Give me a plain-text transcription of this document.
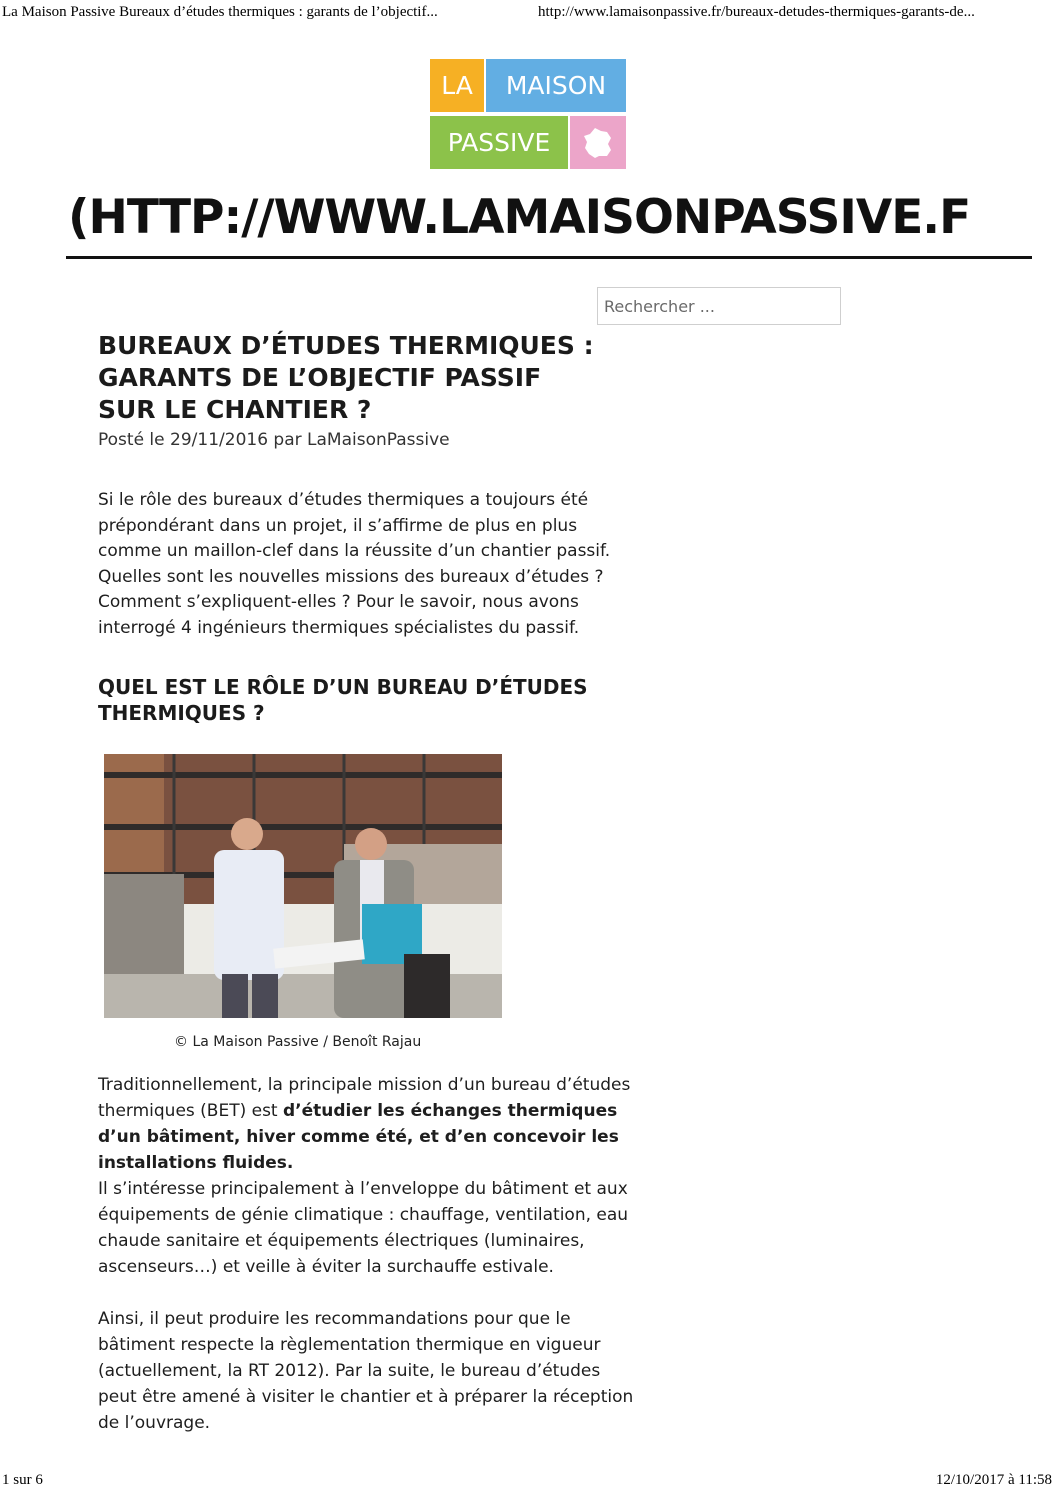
La Maison Passive Bureaux d’études thermiques : garants de l’objectif...	http://www.lamaisonpassive.fr/bureaux-detudes-thermiques-garants-de...
LA	MAISON
PASSIVE
(HTTP://WWW.LAMAISONPASSIVE.F
Rechercher ...
BUREAUX D’ÉTUDES THERMIQUES :
GARANTS DE L’OBJECTIF PASSIF
SUR LE CHANTIER ?
Posté le 29/11/2016 par LaMaisonPassive

Si le rôle des bureaux d’études thermiques a toujours été prépondérant dans un projet, il s’affirme de plus en plus comme un maillon-clef dans la réussite d’un chantier passif. Quelles sont les nouvelles missions des bureaux d’études ? Comment s’expliquent-elles ? Pour le savoir, nous avons interrogé 4 ingénieurs thermiques spécialistes du passif.

QUEL EST LE RÔLE D’UN BUREAU D’ÉTUDES THERMIQUES ?
© La Maison Passive / Benoît Rajau

Traditionnellement, la principale mission d’un bureau d’études thermiques (BET) est d’étudier les échanges thermiques d’un bâtiment, hiver comme été, et d’en concevoir les installations fluides.
Il s’intéresse principalement à l’enveloppe du bâtiment et aux équipements de génie climatique : chauffage, ventilation, eau chaude sanitaire et équipements électriques (luminaires, ascenseurs…) et veille à éviter la surchauffe estivale.

Ainsi, il peut produire les recommandations pour que le bâtiment respecte la règlementation thermique en vigueur (actuellement, la RT 2012). Par la suite, le bureau d’études peut être amené à visiter le chantier et à préparer la réception de l’ouvrage.

1 sur 6	12/10/2017 à 11:58
